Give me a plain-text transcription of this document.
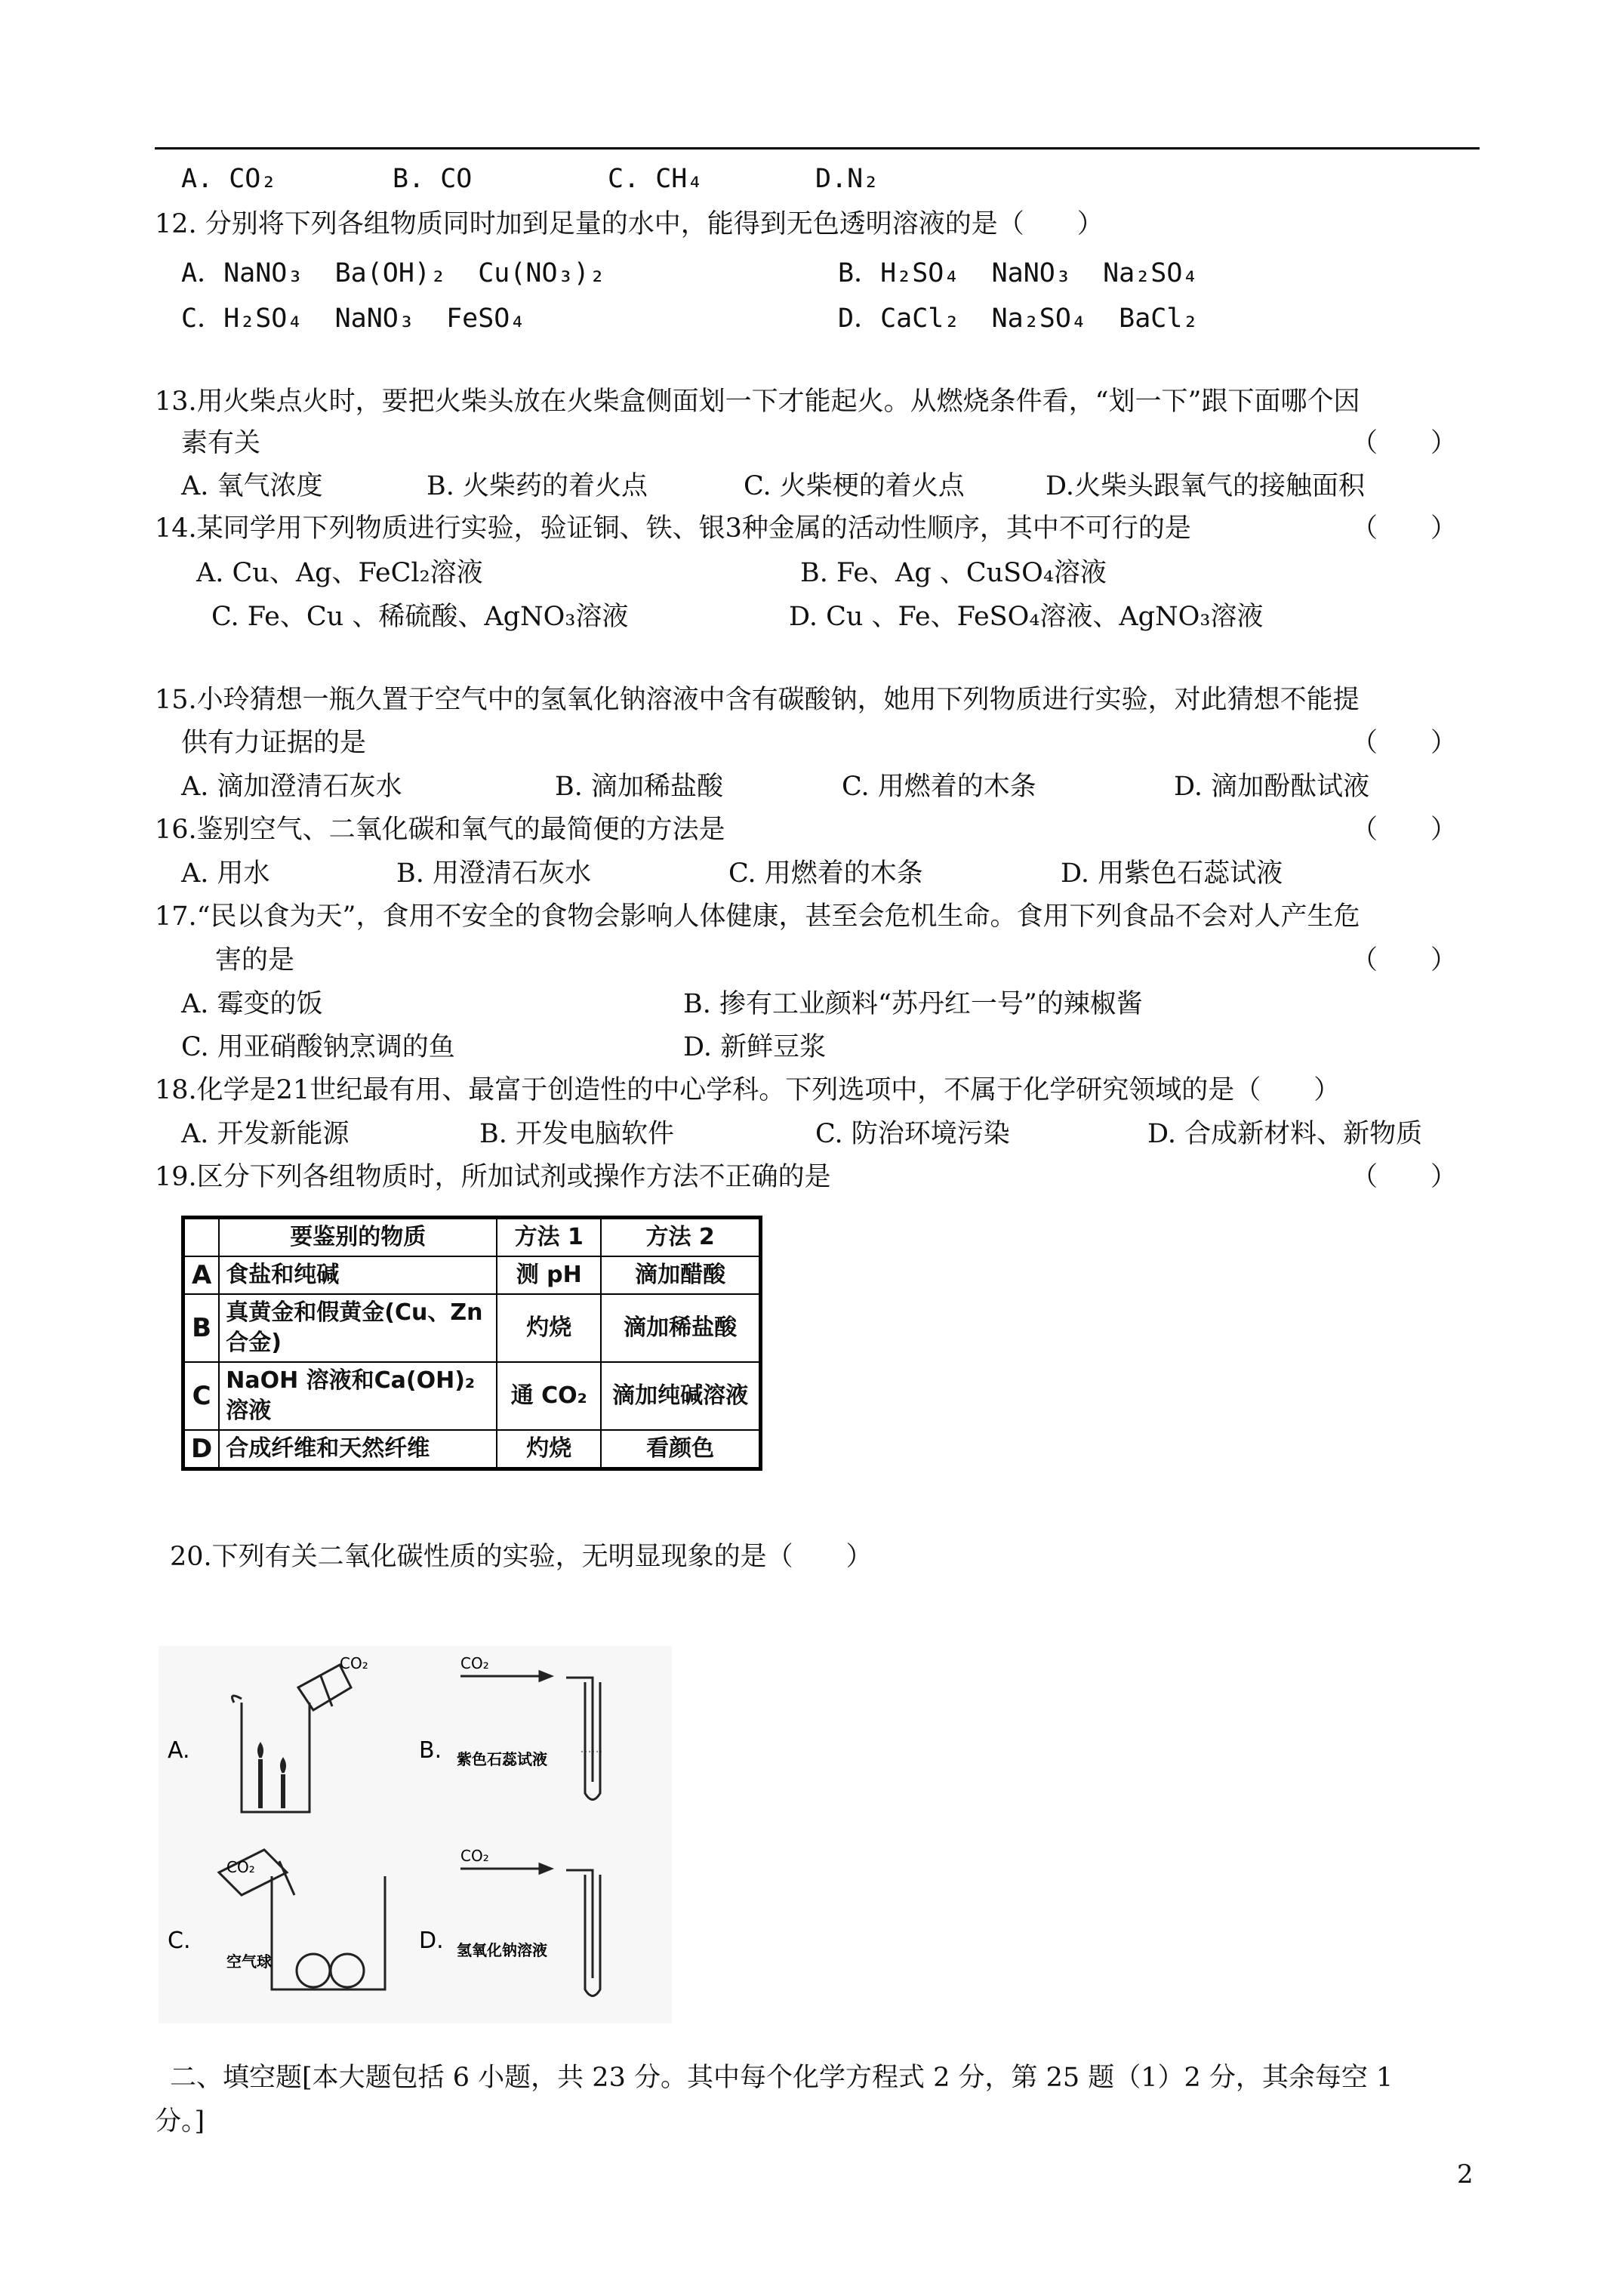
A. CO₂	B. CO	C. CH₄	D.N₂
12. 分别将下列各组物质同时加到足量的水中，能得到无色透明溶液的是（　　）
A．NaNO₃  Ba(OH)₂  Cu(NO₃)₂	B．H₂SO₄  NaNO₃  Na₂SO₄
C．H₂SO₄  NaNO₃  FeSO₄	D．CaCl₂  Na₂SO₄  BaCl₂
13.用火柴点火时，要把火柴头放在火柴盒侧面划一下才能起火。从燃烧条件看，“划一下”跟下面哪个因
素有关	（　　）
A. 氧气浓度	B. 火柴药的着火点	C. 火柴梗的着火点	D.火柴头跟氧气的接触面积
14.某同学用下列物质进行实验，验证铜、铁、银3种金属的活动性顺序，其中不可行的是	（　　）
A. Cu、Ag、FeCl₂溶液	B. Fe、Ag 、CuSO₄溶液
C. Fe、Cu 、稀硫酸、AgNO₃溶液	D. Cu 、Fe、FeSO₄溶液、AgNO₃溶液
15.小玲猜想一瓶久置于空气中的氢氧化钠溶液中含有碳酸钠，她用下列物质进行实验，对此猜想不能提
供有力证据的是	（　　）
A. 滴加澄清石灰水	B. 滴加稀盐酸	C. 用燃着的木条	D. 滴加酚酞试液
16.鉴别空气、二氧化碳和氧气的最简便的方法是	（　　）
A. 用水	B. 用澄清石灰水	C. 用燃着的木条	D. 用紫色石蕊试液
17.“民以食为天”，食用不安全的食物会影响人体健康，甚至会危机生命。食用下列食品不会对人产生危
害的是	（　　）
A. 霉变的饭	B. 掺有工业颜料“苏丹红一号”的辣椒酱
C. 用亚硝酸钠烹调的鱼	D. 新鲜豆浆
18.化学是21世纪最有用、最富于创造性的中心学科。下列选项中，不属于化学研究领域的是（　　）
A. 开发新能源	B. 开发电脑软件	C. 防治环境污染	D. 合成新材料、新物质
19.区分下列各组物质时，所加试剂或操作方法不正确的是	（　　）
	要鉴别的物质	方法 1	方法 2
A	食盐和纯碱	测 pH	滴加醋酸
B	真黄金和假黄金(Cu、Zn 合金)	灼烧	滴加稀盐酸
C	NaOH 溶液和Ca(OH)₂ 溶液	通 CO₂	滴加纯碱溶液
D	合成纤维和天然纤维	灼烧	看颜色
20.下列有关二氧化碳性质的实验，无明显现象的是（　　）
A.	B.
C.	D.
CO₂	CO₂
CO₂
CO₂
紫色石蕊试液
空气球
氢氧化钠溶液
二、填空题[本大题包括 6 小题，共 23 分。其中每个化学方程式 2 分，第 25 题（1）2 分，其余每空 1
分。]
2
